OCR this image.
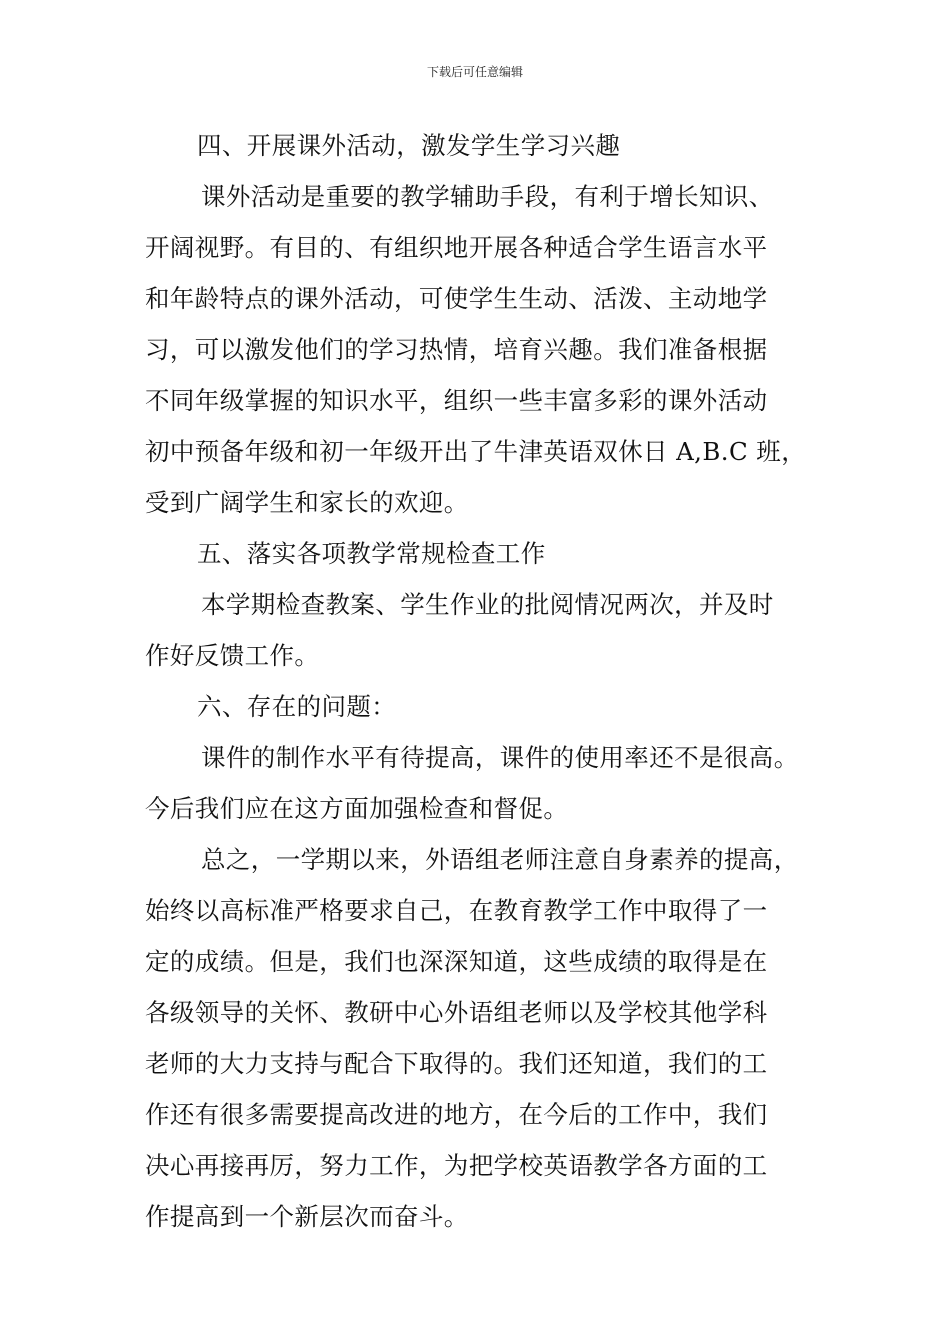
下载后可任意编辑
四、开展课外活动，激发学生学习兴趣
课外活动是重要的教学辅助手段，有利于增长知识、
开阔视野。有目的、有组织地开展各种适合学生语言水平
和年龄特点的课外活动，可使学生生动、活泼、主动地学
习，可以激发他们的学习热情，培育兴趣。我们准备根据
不同年级掌握的知识水平，组织一些丰富多彩的课外活动
初中预备年级和初一年级开出了牛津英语双休日 A,B.C 班，
受到广阔学生和家长的欢迎。
五、落实各项教学常规检查工作
本学期检查教案、学生作业的批阅情况两次，并及时
作好反馈工作。
六、存在的问题：
课件的制作水平有待提高，课件的使用率还不是很高。
今后我们应在这方面加强检查和督促。
总之，一学期以来，外语组老师注意自身素养的提高，
始终以高标准严格要求自己，在教育教学工作中取得了一
定的成绩。但是，我们也深深知道，这些成绩的取得是在
各级领导的关怀、教研中心外语组老师以及学校其他学科
老师的大力支持与配合下取得的。我们还知道，我们的工
作还有很多需要提高改进的地方，在今后的工作中，我们
决心再接再厉，努力工作，为把学校英语教学各方面的工
作提高到一个新层次而奋斗。
